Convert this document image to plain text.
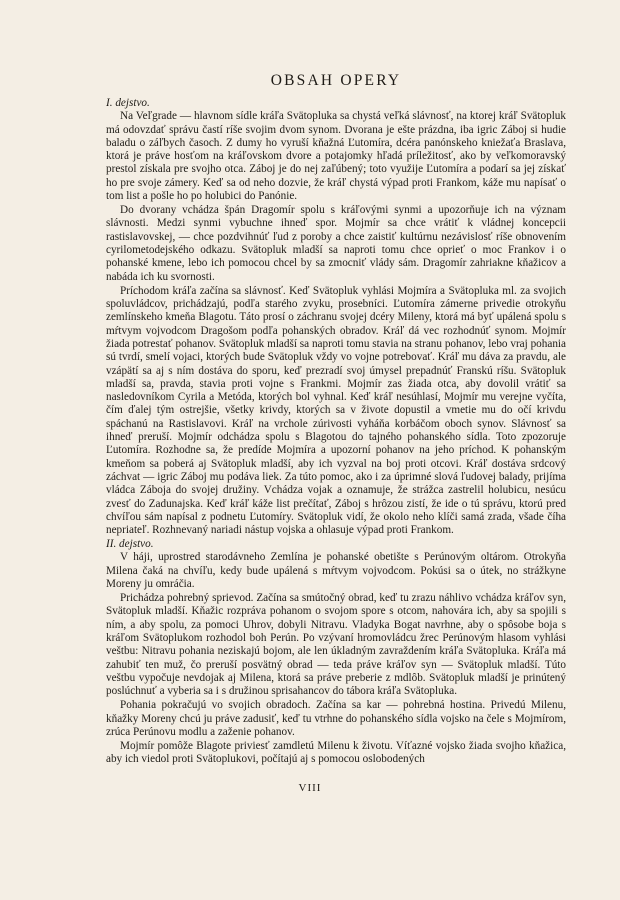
OBSAH OPERY

I. dejstvo.

Na Veľgrade — hlavnom sídle kráľa Svätopluka sa chystá veľká slávnosť, na ktorej kráľ Svätopluk má odovzdať správu častí ríše svojim dvom synom. Dvorana je ešte prázdna, iba igric Záboj si hudie baladu o záľbych časoch. Z dumy ho vyruší kňažná Ľutomíra, dcéra panónskeho kniežaťa Braslava, ktorá je práve hosťom na kráľovskom dvore a potajomky hľadá príležitosť, ako by veľkomoravský prestol získala pre svojho otca. Záboj je do nej zaľúbený; toto využije Ľutomíra a podarí sa jej získať ho pre svoje zámery. Keď sa od neho dozvie, že kráľ chystá výpad proti Frankom, káže mu napísať o tom list a pošle ho po holubici do Panónie.

Do dvorany vchádza špán Dragomír spolu s kráľovými synmi a upozorňuje ich na význam slávnosti. Medzi synmi vybuchne ihneď spor. Mojmír sa chce vrátiť k vládnej koncepcii rastislavovskej, — chce pozdvihnúť ľud z poroby a chce zaistiť kultúrnu nezávislosť ríše obnovením cyrilometodejského odkazu. Svätopluk mladší sa naproti tomu chce oprieť o moc Frankov i o pohanské kmene, lebo ich pomocou chcel by sa zmocniť vlády sám. Dragomír zahriakne kňažicov a nabáda ich ku svornosti.

Príchodom kráľa začína sa slávnosť. Keď Svätopluk vyhlási Mojmíra a Svätopluka ml. za svojich spoluvládcov, prichádzajú, podľa starého zvyku, prosebníci. Ľutomíra zámerne privedie otrokyňu zemlínskeho kmeňa Blagotu. Táto prosí o záchranu svojej dcéry Mileny, ktorá má byť upálená spolu s mŕtvym vojvodcom Dragošom podľa pohanských obradov. Kráľ dá vec rozhodnúť synom. Mojmír žiada potrestať pohanov. Svätopluk mladší sa naproti tomu stavia na stranu pohanov, lebo vraj pohania sú tvrdí, smelí vojaci, ktorých bude Svätopluk vždy vo vojne potrebovať. Kráľ mu dáva za pravdu, ale vzápätí sa aj s ním dostáva do sporu, keď prezradí svoj úmysel prepadnúť Franskú ríšu. Svätopluk mladší sa, pravda, stavia proti vojne s Frankmi. Mojmír zas žiada otca, aby dovolil vrátiť sa nasledovníkom Cyrila a Metóda, ktorých bol vyhnal. Keď kráľ nesúhlasí, Mojmír mu verejne vyčíta, čím ďalej tým ostrejšie, všetky krivdy, ktorých sa v živote dopustil a vmetie mu do očí krivdu spáchanú na Rastislavovi. Kráľ na vrchole zúrivosti vyháňa korbáčom oboch synov. Slávnosť sa ihneď preruší. Mojmír odchádza spolu s Blagotou do tajného pohanského sídla. Toto zpozoruje Ľutomíra. Rozhodne sa, že predíde Mojmíra a upozorní pohanov na jeho príchod. K pohanským kmeňom sa poberá aj Svätopluk mladší, aby ich vyzval na boj proti otcovi. Kráľ dostáva srdcový záchvat — igric Záboj mu podáva liek. Za túto pomoc, ako i za úprimné slová ľudovej balady, prijíma vládca Záboja do svojej družiny. Vchádza vojak a oznamuje, že strážca zastrelil holubicu, nesúcu zvesť do Zadunajska. Keď kráľ káže list prečítať, Záboj s hrôzou zistí, že ide o tú správu, ktorú pred chvíľou sám napísal z podnetu Ľutomíry. Svätopluk vidí, že okolo neho klíči samá zrada, všade číha nepriateľ. Rozhnevaný nariadi nástup vojska a ohlasuje výpad proti Frankom.

II. dejstvo.

V háji, uprostred starodávneho Zemlína je pohanské obetište s Perúnovým oltárom. Otrokyňa Milena čaká na chvíľu, kedy bude upálená s mŕtvym vojvodcom. Pokúsi sa o útek, no strážkyne Moreny ju omráčia.

Prichádza pohrebný sprievod. Začína sa smútočný obrad, keď tu zrazu náhlivo vchádza kráľov syn, Svätopluk mladší. Kňažic rozpráva pohanom o svojom spore s otcom, nahovára ich, aby sa spojili s ním, a aby spolu, za pomoci Uhrov, dobyli Nitravu. Vladyka Bogat navrhne, aby o spôsobe boja s kráľom Svätoplukom rozhodol boh Perún. Po vzývaní hromovládcu žrec Perúnovým hlasom vyhlási veštbu: Nitravu pohania neziskajú bojom, ale len úkladným zavraždením kráľa Svätopluka. Kráľa má zahubiť ten muž, čo preruší posvätný obrad — teda práve kráľov syn — Svätopluk mladší. Túto veštbu vypočuje nevdojak aj Milena, ktorá sa práve preberie z mdlôb. Svätopluk mladší je prinútený poslúchnuť a vyberia sa i s družinou sprisahancov do tábora kráľa Svätopluka.

Pohania pokračujú vo svojich obradoch. Začína sa kar — pohrebná hostina. Privedú Milenu, kňažky Moreny chcú ju práve zadusiť, keď tu vtrhne do pohanského sídla vojsko na čele s Mojmírom, zrúca Perúnovu modlu a zaženie pohanov.

Mojmír pomôže Blagote priviesť zamdletú Milenu k životu. Víťazné vojsko žiada svojho kňažica, aby ich viedol proti Svätoplukovi, počítajú aj s pomocou oslobodených

VIII
